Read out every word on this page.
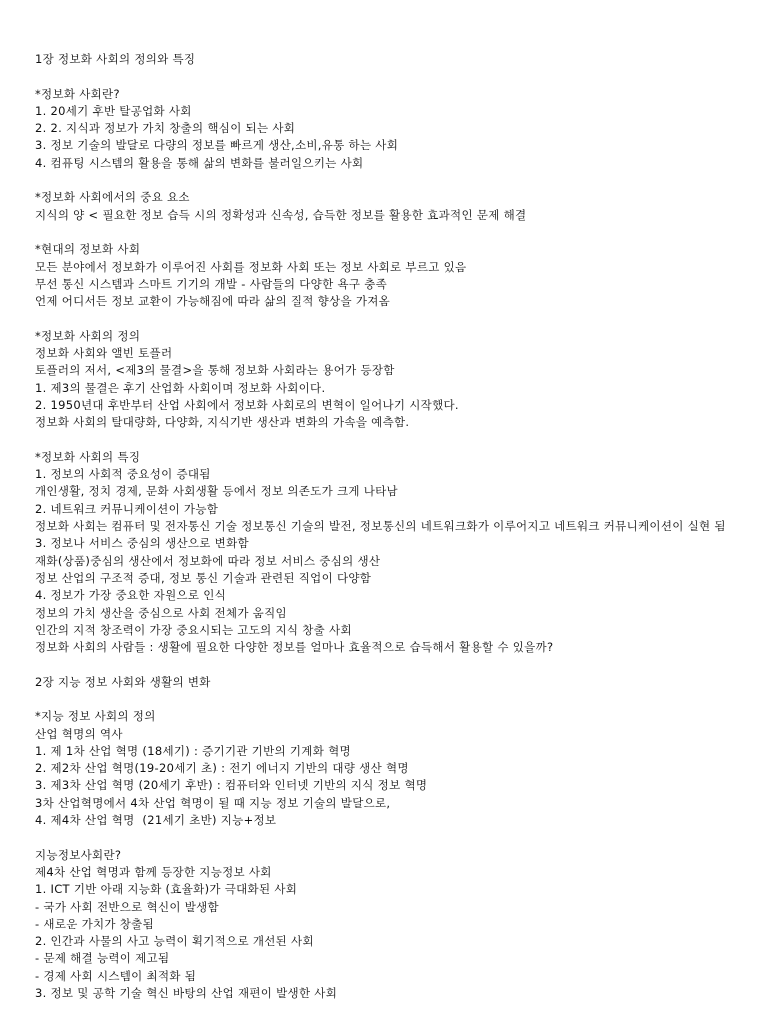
1장 정보화 사회의 정의와 특징
*정보화 사회란?
1. 20세기 후반 탈공업화 사회
2. 2. 지식과 정보가 가치 창출의 핵심이 되는 사회
3. 정보 기술의 발달로 다량의 정보를 빠르게 생산,소비,유통 하는 사회
4. 컴퓨팅 시스템의 활용을 통해 삶의 변화를 불러일으키는 사회
*정보화 사회에서의 중요 요소
지식의 양 < 필요한 정보 습득 시의 정확성과 신속성, 습득한 정보를 활용한 효과적인 문제 해결
*현대의 정보화 사회
모든 분야에서 정보화가 이루어진 사회를 정보화 사회 또는 정보 사회로 부르고 있음
무선 통신 시스템과 스마트 기기의 개발 - 사람들의 다양한 욕구 충족
언제 어디서든 정보 교환이 가능해짐에 따라 삶의 질적 향상을 가져옴
*정보화 사회의 정의
정보화 사회와 앨빈 토플러
토플러의 저서, <제3의 물결>을 통해 정보화 사회라는 용어가 등장함
1. 제3의 물결은 후기 산업화 사회이며 정보화 사회이다.
2. 1950년대 후반부터 산업 사회에서 정보화 사회로의 변혁이 일어나기 시작했다.
정보화 사회의 탈대량화, 다양화, 지식기반 생산과 변화의 가속을 예측함.
*정보화 사회의 특징
1. 정보의 사회적 중요성이 증대됨
개인생활, 정치 경제, 문화 사회생활 등에서 정보 의존도가 크게 나타남
2. 네트워크 커뮤니케이션이 가능함
정보화 사회는 컴퓨터 및 전자통신 기술 정보통신 기술의 발전, 정보통신의 네트워크화가 이루어지고 네트워크 커뮤니케이션이 실현 됨
3. 정보나 서비스 중심의 생산으로 변화함
재화(상품)중심의 생산에서 정보화에 따라 정보 서비스 중심의 생산
정보 산업의 구조적 증대, 정보 통신 기술과 관련된 직업이 다양함
4. 정보가 가장 중요한 자원으로 인식
정보의 가치 생산을 중심으로 사회 전체가 움직임
인간의 지적 창조력이 가장 중요시되는 고도의 지식 창출 사회
정보화 사회의 사람들 : 생활에 필요한 다양한 정보를 얼마나 효율적으로 습득해서 활용할 수 있을까?
2장 지능 정보 사회와 생활의 변화
*지능 정보 사회의 정의
산업 혁명의 역사
1. 제 1차 산업 혁명 (18세기) : 증기기관 기반의 기계화 혁명
2. 제2차 산업 혁명(19-20세기 초) : 전기 에너지 기반의 대량 생산 혁명
3. 제3차 산업 혁명 (20세기 후반) : 컴퓨터와 인터넷 기반의 지식 정보 혁명
3차 산업혁명에서 4차 산업 혁명이 될 때 지능 정보 기술의 발달으로,
4. 제4차 산업 혁명  (21세기 초반) 지능+정보
지능정보사회란?
제4차 산업 혁명과 함께 등장한 지능정보 사회
1. ICT 기반 아래 지능화 (효율화)가 극대화된 사회
- 국가 사회 전반으로 혁신이 발생함
- 새로운 가치가 창출됨
2. 인간과 사물의 사고 능력이 획기적으로 개선된 사회
- 문제 해결 능력이 제고됨
- 경제 사회 시스템이 최적화 됨
3. 정보 및 공학 기술 혁신 바탕의 산업 재편이 발생한 사회
